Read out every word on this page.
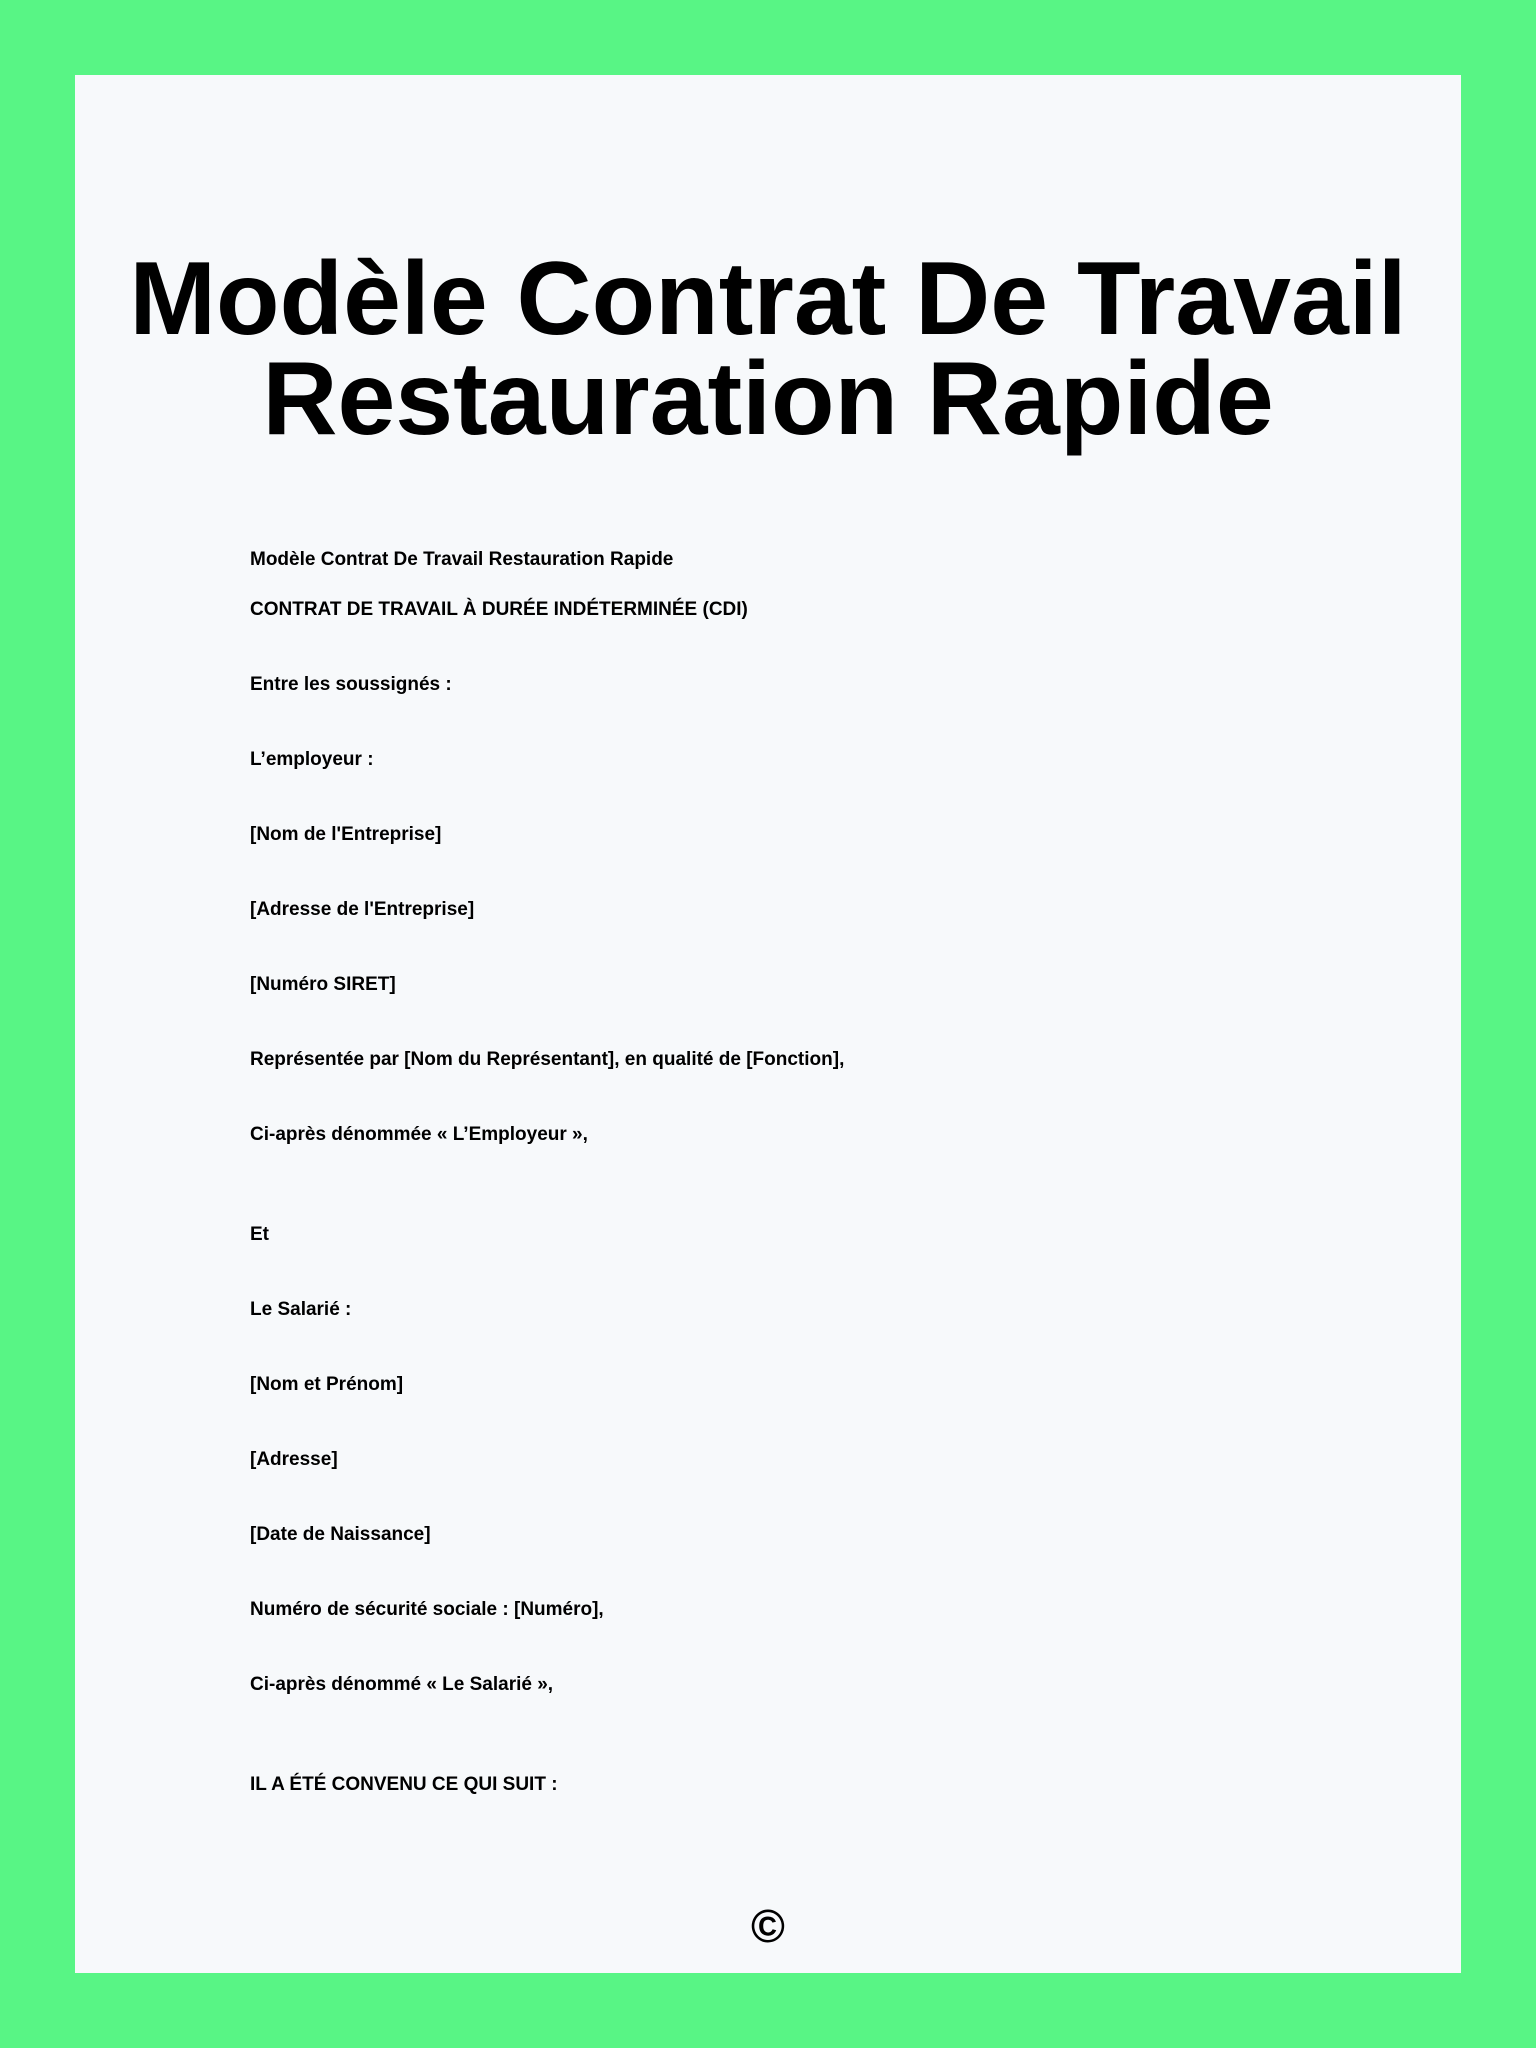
Modèle Contrat De Travail
Restauration Rapide
Modèle Contrat De Travail Restauration Rapide
CONTRAT DE TRAVAIL À DURÉE INDÉTERMINÉE (CDI)
Entre les soussignés :
L’employeur :
[Nom de l'Entreprise]
[Adresse de l'Entreprise]
[Numéro SIRET]
Représentée par [Nom du Représentant], en qualité de [Fonction],
Ci-après dénommée « L’Employeur »,
Et
Le Salarié :
[Nom et Prénom]
[Adresse]
[Date de Naissance]
Numéro de sécurité sociale : [Numéro],
Ci-après dénommé « Le Salarié »,
IL A ÉTÉ CONVENU CE QUI SUIT :
©
